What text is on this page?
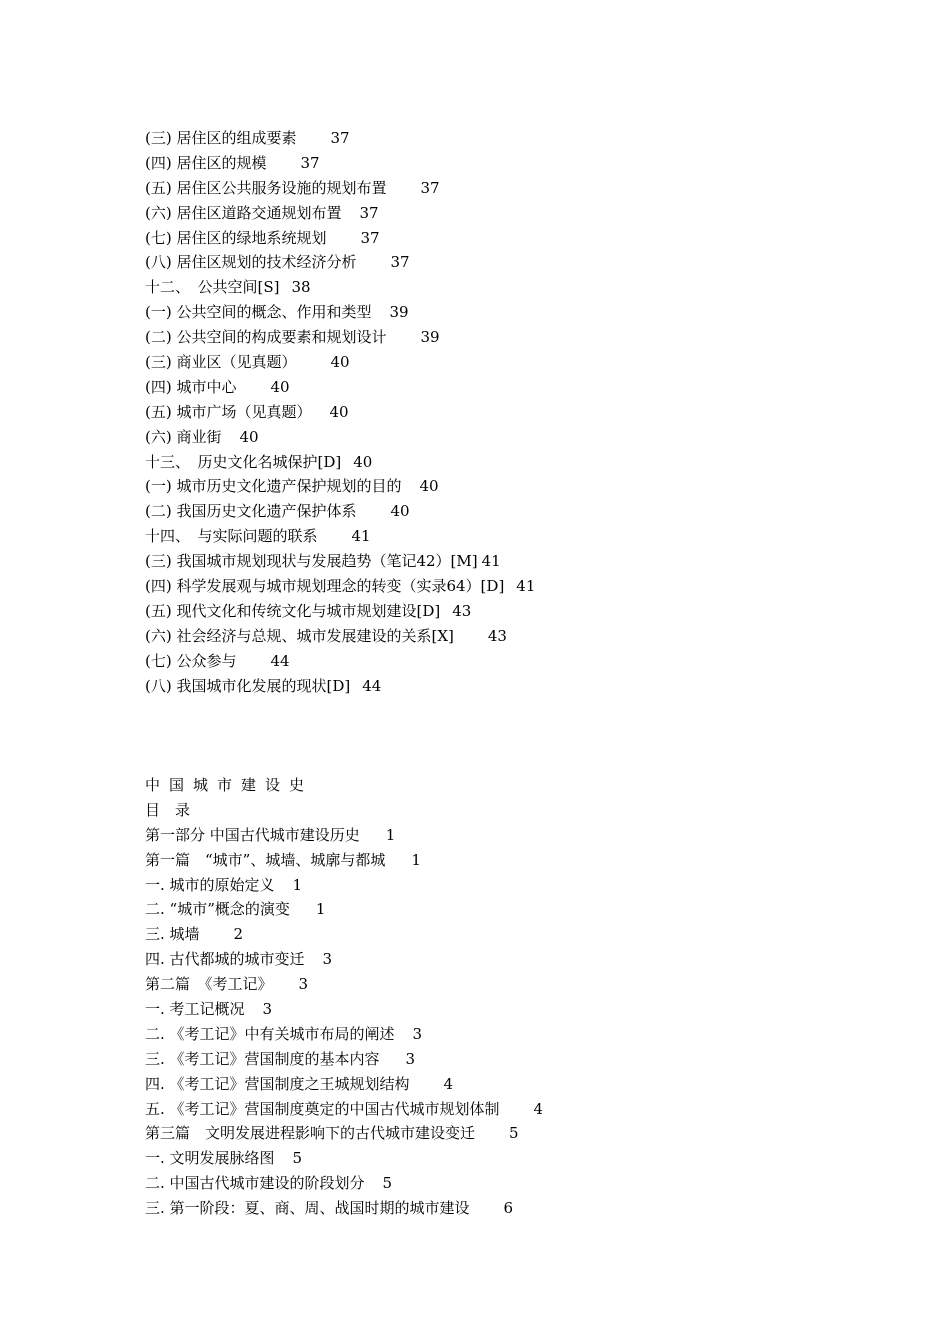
(三) 居住区的组成要素 37
(四) 居住区的规模 37
(五) 居住区公共服务设施的规划布置 37
(六) 居住区道路交通规划布置 37
(七) 居住区的绿地系统规划 37
(八) 居住区规划的技术经济分析 37
十二、　公共空间[S] 38
(一) 公共空间的概念、作用和类型 39
(二) 公共空间的构成要素和规划设计 39
(三) 商业区（见真题） 40
(四) 城市中心 40
(五) 城市广场（见真题） 40
(六) 商业街 40
十三、　历史文化名城保护[D] 40
(一) 城市历史文化遗产保护规划的目的 40
(二) 我国历史文化遗产保护体系 40
十四、　与实际问题的联系 41
(三) 我国城市规划现状与发展趋势（笔记42）[M] 41
(四) 科学发展观与城市规划理念的转变（实录64）[D] 41
(五) 现代文化和传统文化与城市规划建设[D] 43
(六) 社会经济与总规、城市发展建设的关系[X] 43
(七) 公众参与 44
(八) 我国城市化发展的现状[D] 44
中国城市建设史
目　录
第一部分 中国古代城市建设历史 1
第一篇　“城市”、城墙、城廓与都城 1
一. 城市的原始定义 1
二. “城市”概念的演变 1
三. 城墙 2
四. 古代都城的城市变迁 3
第二篇　《考工记》 3
一. 考工记概况 3
二. 《考工记》中有关城市布局的阐述 3
三. 《考工记》营国制度的基本内容 3
四. 《考工记》营国制度之王城规划结构 4
五. 《考工记》营国制度奠定的中国古代城市规划体制 4
第三篇　文明发展进程影响下的古代城市建设变迁 5
一. 文明发展脉络图 5
二. 中国古代城市建设的阶段划分 5
三. 第一阶段：夏、商、周、战国时期的城市建设 6
